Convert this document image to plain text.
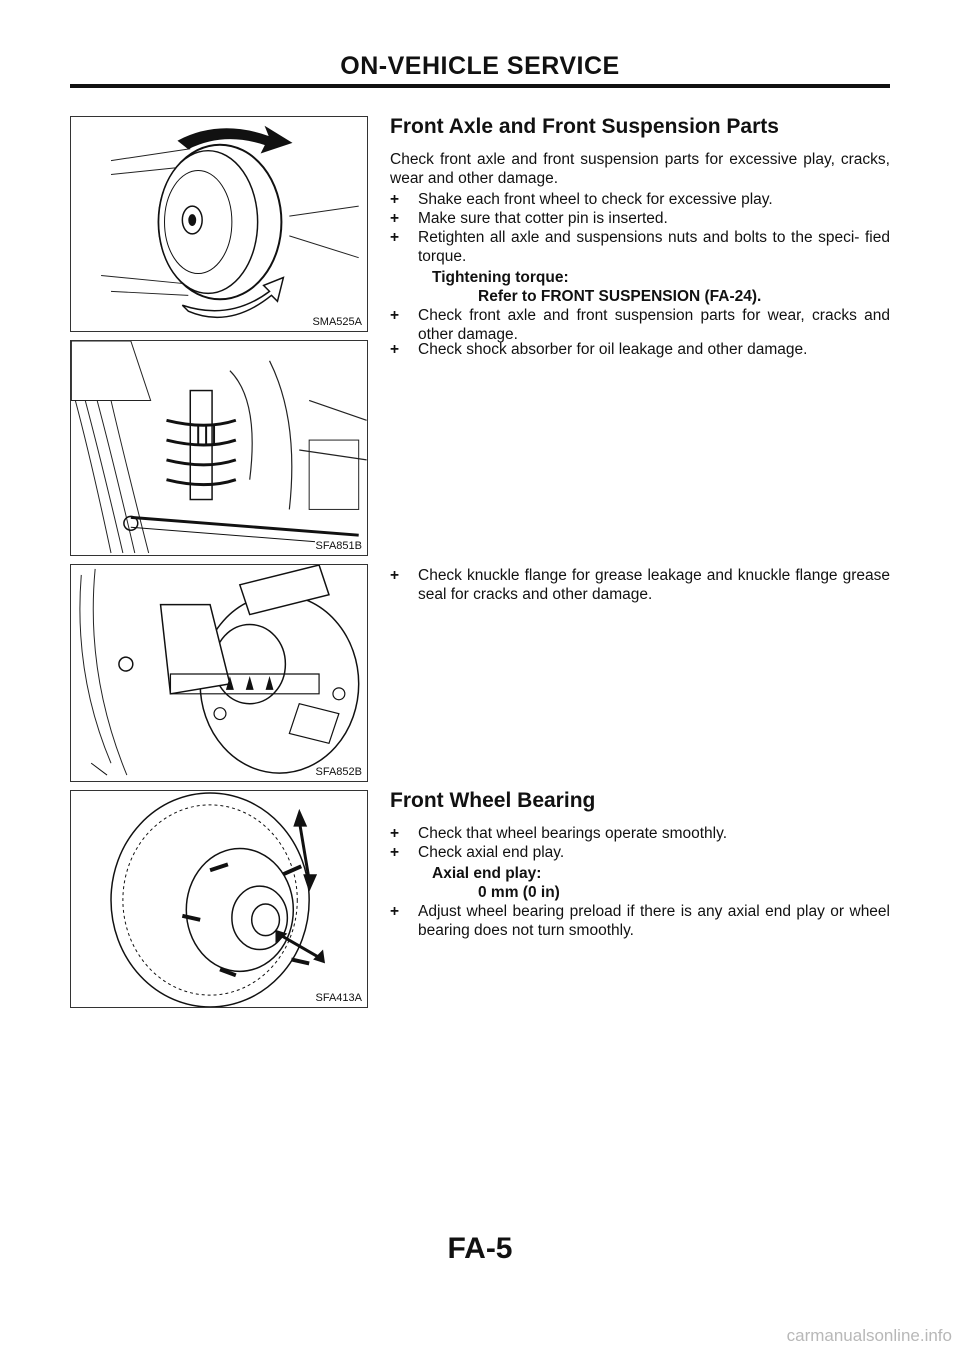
ON-VEHICLE SERVICE
SMA525A
SFA851B
SFA852B
SFA413A
Front Axle and Front Suspension Parts

Check front axle and front suspension parts for excessive play, cracks, wear and other damage.

+ Shake each front wheel to check for excessive play.

+ Make sure that cotter pin is inserted.

+ Retighten all axle and suspensions nuts and bolts to the speci- fied torque.

Tightening torque:
Refer to FRONT SUSPENSION (FA-24).

+ Check front axle and front suspension parts for wear, cracks and other damage.

+ Check shock absorber for oil leakage and other damage.

+ Check knuckle flange for grease leakage and knuckle flange grease seal for cracks and other damage.

Front Wheel Bearing

+ Check that wheel bearings operate smoothly.

+ Check axial end play.

Axial end play:
0 mm (0 in)

+ Adjust wheel bearing preload if there is any axial end play or wheel bearing does not turn smoothly.

FA-5
carmanualsonline.info
